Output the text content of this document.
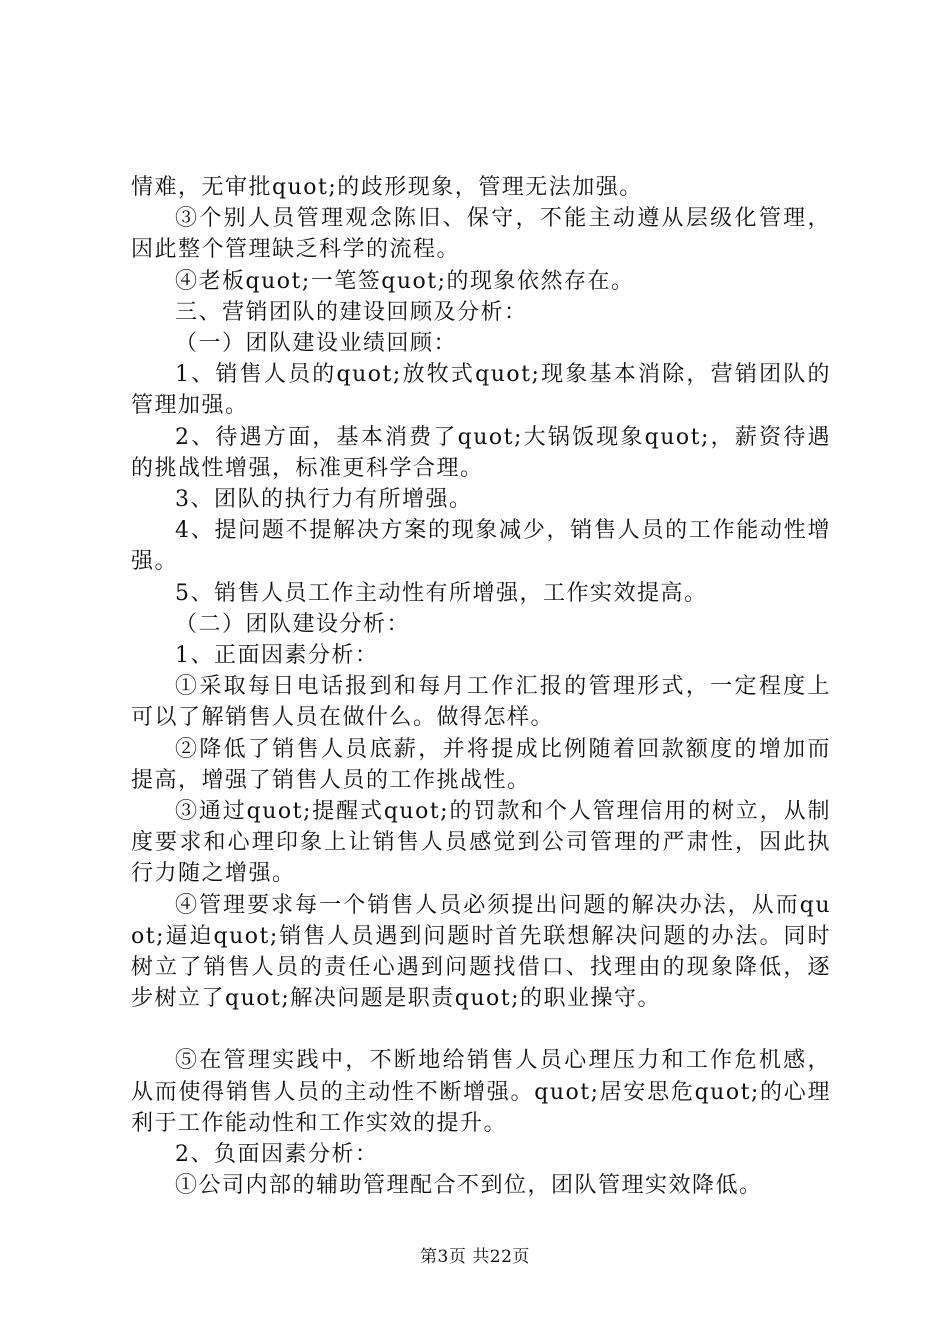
情难，无审批quot;的歧形现象，管理无法加强。

③个别人员管理观念陈旧、保守，不能主动遵从层级化管理，因此整个管理缺乏科学的流程。

④老板quot;一笔签quot;的现象依然存在。

三、营销团队的建设回顾及分析：

（一）团队建设业绩回顾：

1、销售人员的quot;放牧式quot;现象基本消除，营销团队的管理加强。

2、待遇方面，基本消费了quot;大锅饭现象quot;，薪资待遇的挑战性增强，标准更科学合理。

3、团队的执行力有所增强。

4、提问题不提解决方案的现象减少，销售人员的工作能动性增强。

5、销售人员工作主动性有所增强，工作实效提高。

（二）团队建设分析：

1、正面因素分析：

①采取每日电话报到和每月工作汇报的管理形式，一定程度上可以了解销售人员在做什么。做得怎样。

②降低了销售人员底薪，并将提成比例随着回款额度的增加而提高，增强了销售人员的工作挑战性。

③通过quot;提醒式quot;的罚款和个人管理信用的树立，从制度要求和心理印象上让销售人员感觉到公司管理的严肃性，因此执行力随之增强。

④管理要求每一个销售人员必须提出问题的解决办法，从而quot;逼迫quot;销售人员遇到问题时首先联想解决问题的办法。同时树立了销售人员的责任心遇到问题找借口、找理由的现象降低，逐步树立了quot;解决问题是职责quot;的职业操守。

⑤在管理实践中，不断地给销售人员心理压力和工作危机感，从而使得销售人员的主动性不断增强。quot;居安思危quot;的心理利于工作能动性和工作实效的提升。

2、负面因素分析：

①公司内部的辅助管理配合不到位，团队管理实效降低。

第3页 共22页
